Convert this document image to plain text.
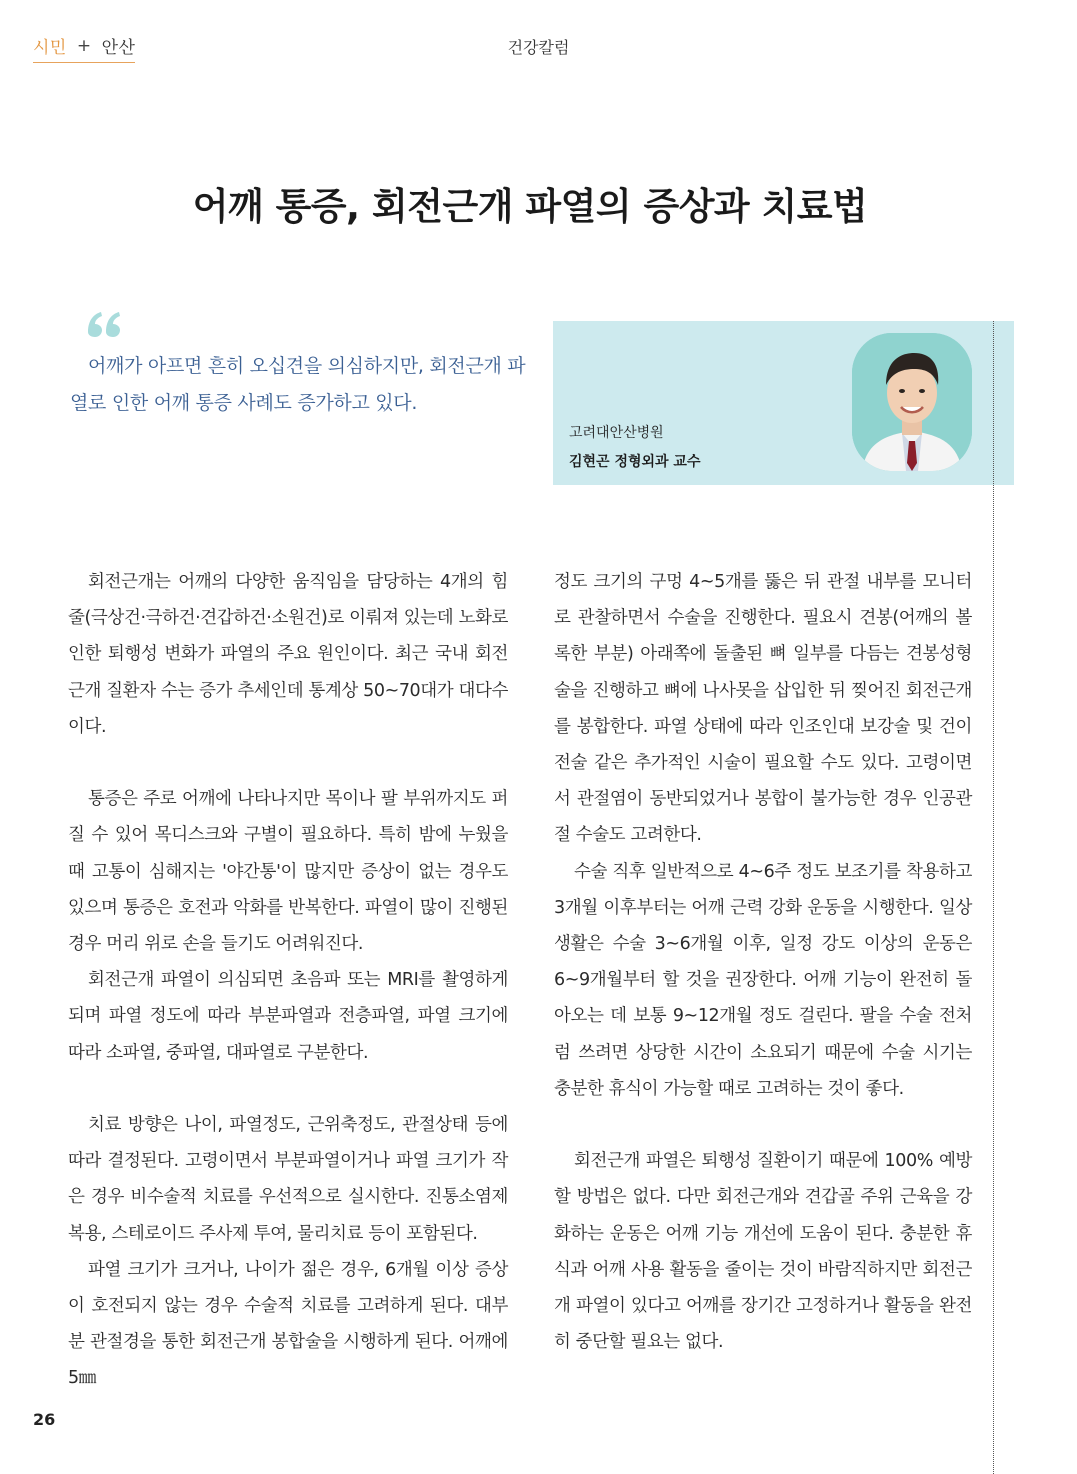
시민 + 안산	건강칼럼
어깨 통증, 회전근개 파열의 증상과 치료법
어깨가 아프면 흔히 오십견을 의심하지만, 회전근개 파열로 인한 어깨 통증 사례도 증가하고 있다.
고려대안산병원
김현곤 정형외과 교수

회전근개는 어깨의 다양한 움직임을 담당하는 4개의 힘줄(극상건·극하건·견갑하건·소원건)로 이뤄져 있는데 노화로 인한 퇴행성 변화가 파열의 주요 원인이다. 최근 국내 회전근개 질환자 수는 증가 추세인데 통계상 50~70대가 대다수이다.

통증은 주로 어깨에 나타나지만 목이나 팔 부위까지도 퍼질 수 있어 목디스크와 구별이 필요하다. 특히 밤에 누웠을 때 고통이 심해지는 '야간통'이 많지만 증상이 없는 경우도 있으며 통증은 호전과 악화를 반복한다. 파열이 많이 진행된 경우 머리 위로 손을 들기도 어려워진다.

회전근개 파열이 의심되면 초음파 또는 MRI를 촬영하게 되며 파열 정도에 따라 부분파열과 전층파열, 파열 크기에 따라 소파열, 중파열, 대파열로 구분한다.

치료 방향은 나이, 파열정도, 근위축정도, 관절상태 등에 따라 결정된다. 고령이면서 부분파열이거나 파열 크기가 작은 경우 비수술적 치료를 우선적으로 실시한다. 진통소염제 복용, 스테로이드 주사제 투여, 물리치료 등이 포함된다.

파열 크기가 크거나, 나이가 젊은 경우, 6개월 이상 증상이 호전되지 않는 경우 수술적 치료를 고려하게 된다. 대부분 관절경을 통한 회전근개 봉합술을 시행하게 된다. 어깨에 5㎜

정도 크기의 구멍 4~5개를 뚫은 뒤 관절 내부를 모니터로 관찰하면서 수술을 진행한다. 필요시 견봉(어깨의 볼록한 부분) 아래쪽에 돌출된 뼈 일부를 다듬는 견봉성형술을 진행하고 뼈에 나사못을 삽입한 뒤 찢어진 회전근개를 봉합한다. 파열 상태에 따라 인조인대 보강술 및 건이전술 같은 추가적인 시술이 필요할 수도 있다. 고령이면서 관절염이 동반되었거나 봉합이 불가능한 경우 인공관절 수술도 고려한다.

수술 직후 일반적으로 4~6주 정도 보조기를 착용하고 3개월 이후부터는 어깨 근력 강화 운동을 시행한다. 일상생활은 수술 3~6개월 이후, 일정 강도 이상의 운동은 6~9개월부터 할 것을 권장한다. 어깨 기능이 완전히 돌아오는 데 보통 9~12개월 정도 걸린다. 팔을 수술 전처럼 쓰려면 상당한 시간이 소요되기 때문에 수술 시기는 충분한 휴식이 가능할 때로 고려하는 것이 좋다.

회전근개 파열은 퇴행성 질환이기 때문에 100% 예방할 방법은 없다. 다만 회전근개와 견갑골 주위 근육을 강화하는 운동은 어깨 기능 개선에 도움이 된다. 충분한 휴식과 어깨 사용 활동을 줄이는 것이 바람직하지만 회전근개 파열이 있다고 어깨를 장기간 고정하거나 활동을 완전히 중단할 필요는 없다.

26
